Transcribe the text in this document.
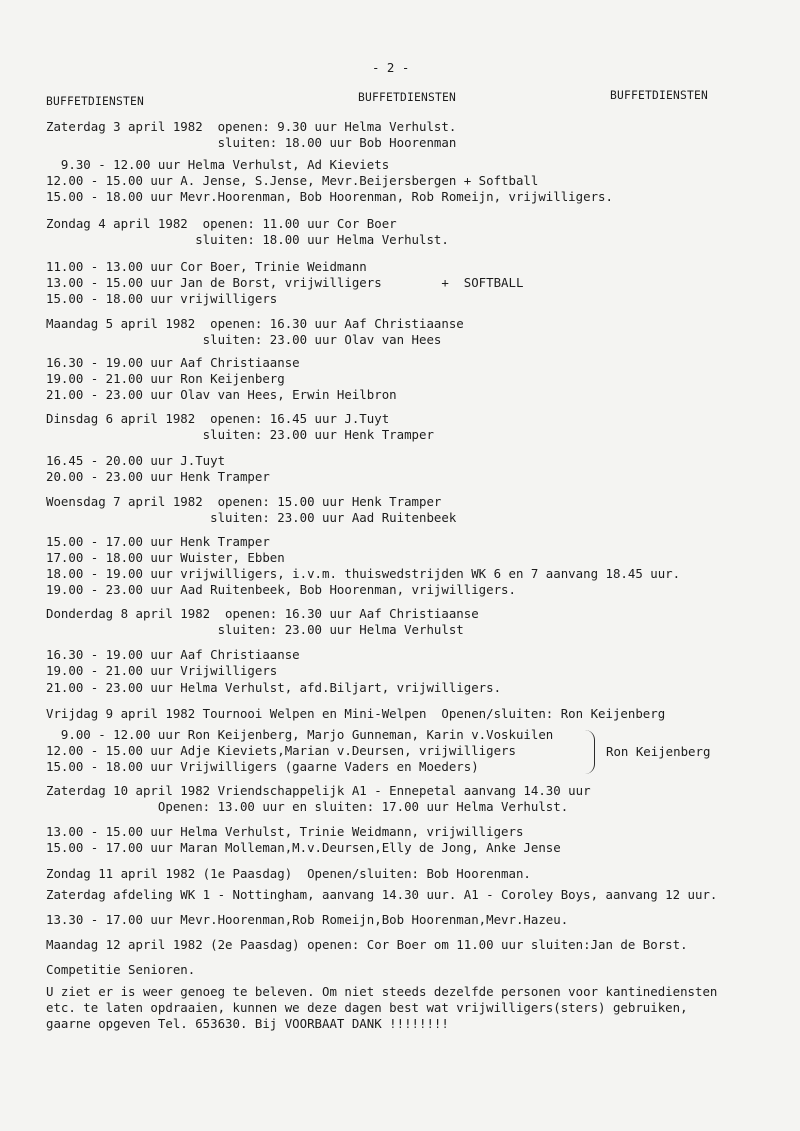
- 2 -
BUFFETDIENSTEN	BUFFETDIENSTEN	BUFFETDIENSTEN
Zaterdag 3 april 1982  openen: 9.30 uur Helma Verhulst.
sluiten: 18.00 uur Bob Hoorenman
9.30 - 12.00 uur Helma Verhulst, Ad Kieviets
12.00 - 15.00 uur A. Jense, S.Jense, Mevr.Beijersbergen + Softball
15.00 - 18.00 uur Mevr.Hoorenman, Bob Hoorenman, Rob Romeijn, vrijwilligers.
Zondag 4 april 1982  openen: 11.00 uur Cor Boer
sluiten: 18.00 uur Helma Verhulst.
11.00 - 13.00 uur Cor Boer, Trinie Weidmann
13.00 - 15.00 uur Jan de Borst, vrijwilligers        +  SOFTBALL
15.00 - 18.00 uur vrijwilligers
Maandag 5 april 1982  openen: 16.30 uur Aaf Christiaanse
sluiten: 23.00 uur Olav van Hees
16.30 - 19.00 uur Aaf Christiaanse
19.00 - 21.00 uur Ron Keijenberg
21.00 - 23.00 uur Olav van Hees, Erwin Heilbron
Dinsdag 6 april 1982  openen: 16.45 uur J.Tuyt
sluiten: 23.00 uur Henk Tramper
16.45 - 20.00 uur J.Tuyt
20.00 - 23.00 uur Henk Tramper
Woensdag 7 april 1982  openen: 15.00 uur Henk Tramper
sluiten: 23.00 uur Aad Ruitenbeek
15.00 - 17.00 uur Henk Tramper
17.00 - 18.00 uur Wuister, Ebben
18.00 - 19.00 uur vrijwilligers, i.v.m. thuiswedstrijden WK 6 en 7 aanvang 18.45 uur.
19.00 - 23.00 uur Aad Ruitenbeek, Bob Hoorenman, vrijwilligers.
Donderdag 8 april 1982  openen: 16.30 uur Aaf Christiaanse
sluiten: 23.00 uur Helma Verhulst
16.30 - 19.00 uur Aaf Christiaanse
19.00 - 21.00 uur Vrijwilligers
21.00 - 23.00 uur Helma Verhulst, afd.Biljart, vrijwilligers.
Vrijdag 9 april 1982 Tournooi Welpen en Mini-Welpen  Openen/sluiten: Ron Keijenberg
9.00 - 12.00 uur Ron Keijenberg, Marjo Gunneman, Karin v.Voskuilen
12.00 - 15.00 uur Adje Kieviets,Marian v.Deursen, vrijwilligers
15.00 - 18.00 uur Vrijwilligers (gaarne Vaders en Moeders)
Ron Keijenberg
Zaterdag 10 april 1982 Vriendschappelijk A1 - Ennepetal aanvang 14.30 uur
Openen: 13.00 uur en sluiten: 17.00 uur Helma Verhulst.
13.00 - 15.00 uur Helma Verhulst, Trinie Weidmann, vrijwilligers
15.00 - 17.00 uur Maran Molleman,M.v.Deursen,Elly de Jong, Anke Jense
Zondag 11 april 1982 (1e Paasdag)  Openen/sluiten: Bob Hoorenman.
Zaterdag afdeling WK 1 - Nottingham, aanvang 14.30 uur. A1 - Coroley Boys, aanvang 12 uur.
13.30 - 17.00 uur Mevr.Hoorenman,Rob Romeijn,Bob Hoorenman,Mevr.Hazeu.
Maandag 12 april 1982 (2e Paasdag) openen: Cor Boer om 11.00 uur sluiten:Jan de Borst.
Competitie Senioren.
U ziet er is weer genoeg te beleven. Om niet steeds dezelfde personen voor kantinediensten
etc. te laten opdraaien, kunnen we deze dagen best wat vrijwilligers(sters) gebruiken,
gaarne opgeven Tel. 653630. Bij VOORBAAT DANK !!!!!!!!
